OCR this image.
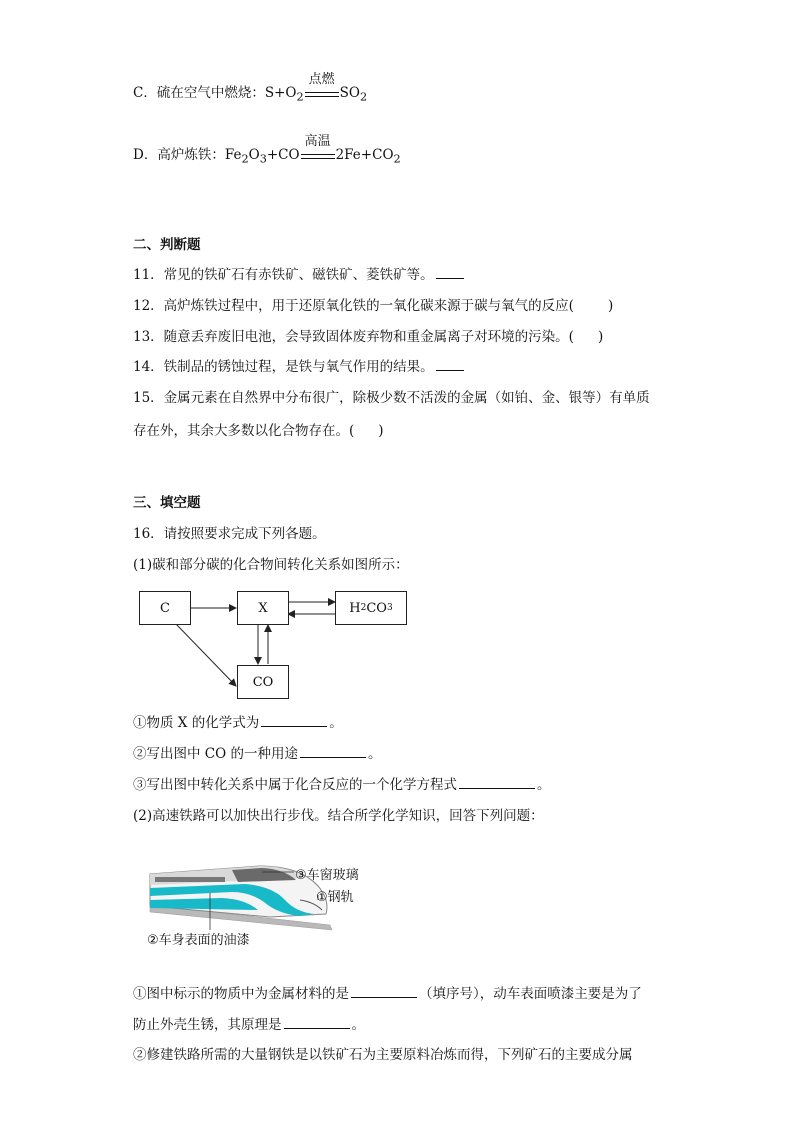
C．硫在空气中燃烧：$S+O_2$
点燃
$SO_2$
D．高炉炼铁：$Fe_2O_3+CO$
高温
$2Fe+CO_2$
二、判断题
11．常见的铁矿石有赤铁矿、磁铁矿、菱铁矿等。
12．高炉炼铁过程中，用于还原氧化铁的一氧化碳来源于碳与氧气的反应(	)
13．随意丢弃废旧电池，会导致固体废弃物和重金属离子对环境的污染。( )
14．铁制品的锈蚀过程，是铁与氧气作用的结果。
15．金属元素在自然界中分布很广，除极少数不活泼的金属（如铂、金、银等）有单质
存在外，其余大多数以化合物存在。( )
三、填空题
16．请按照要求完成下列各题。
(1)碳和部分碳的化合物间转化关系如图所示：
C	X	H 2 CO 3
CO
①物质 X 的化学式为	。
②写出图中 CO 的一种用途	。
③写出图中转化关系中属于化合反应的一个化学方程式	。
(2)高速铁路可以加快出行步伐。结合所学化学知识，回答下列问题：
③车窗玻璃
①钢轨
②车身表面的油漆
①图中标示的物质中为金属材料的是	（填序号），动车表面喷漆主要是为了
防止外壳生锈，其原理是	。
②修建铁路所需的大量钢铁是以铁矿石为主要原料冶炼而得，下列矿石的主要成分属
